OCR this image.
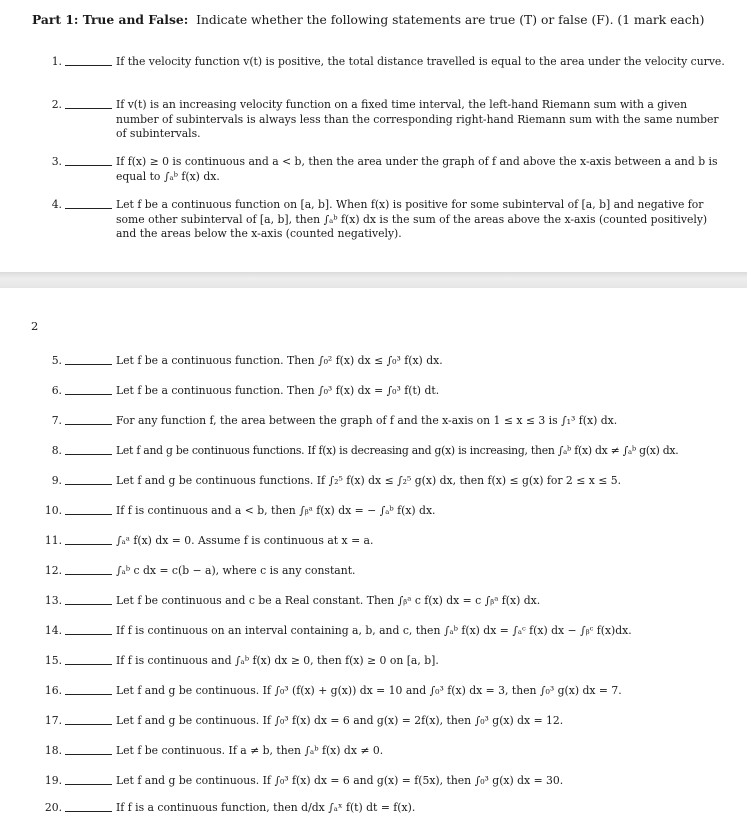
Part 1: True and False: Indicate whether the following statements are true (T) or false (F). (1 mark each)
1.	If the velocity function v(t) is positive, the total distance travelled is equal to the area under the velocity curve.
2.	If v(t) is an increasing velocity function on a fixed time interval, the left-hand Riemann sum with a given number of subintervals is always less than the corresponding right-hand Riemann sum with the same number of subintervals.
3.	If f(x) ≥ 0 is continuous and a < b, then the area under the graph of f and above the x-axis between a and b is equal to ∫ₐᵇ f(x) dx.
4.	Let f be a continuous function on [a, b]. When f(x) is positive for some subinterval of [a, b] and negative for some other subinterval of [a, b], then ∫ₐᵇ f(x) dx is the sum of the areas above the x-axis (counted positively) and the areas below the x-axis (counted negatively).
2
5.	Let f be a continuous function. Then ∫₀² f(x) dx ≤ ∫₀³ f(x) dx.
6.	Let f be a continuous function. Then ∫₀³ f(x) dx = ∫₀³ f(t) dt.
7.	For any function f, the area between the graph of f and the x-axis on 1 ≤ x ≤ 3 is ∫₁³ f(x) dx.
8.	Let f and g be continuous functions. If f(x) is decreasing and g(x) is increasing, then ∫ₐᵇ f(x) dx ≠ ∫ₐᵇ g(x) dx.
9.	Let f and g be continuous functions. If ∫₂⁵ f(x) dx ≤ ∫₂⁵ g(x) dx, then f(x) ≤ g(x) for 2 ≤ x ≤ 5.
10.	If f is continuous and a < b, then ∫ᵦᵃ f(x) dx = − ∫ₐᵇ f(x) dx.
11.	∫ₐᵃ f(x) dx = 0. Assume f is continuous at x = a.
12.	∫ₐᵇ c dx = c(b − a), where c is any constant.
13.	Let f be continuous and c be a Real constant. Then ∫ᵦᵃ c f(x) dx = c ∫ᵦᵃ f(x) dx.
14.	If f is continuous on an interval containing a, b, and c, then ∫ₐᵇ f(x) dx = ∫ₐᶜ f(x) dx − ∫ᵦᶜ f(x)dx.
15.	If f is continuous and ∫ₐᵇ f(x) dx ≥ 0, then f(x) ≥ 0 on [a, b].
16.	Let f and g be continuous. If ∫₀³ (f(x) + g(x)) dx = 10 and ∫₀³ f(x) dx = 3, then ∫₀³ g(x) dx = 7.
17.	Let f and g be continuous. If ∫₀³ f(x) dx = 6 and g(x) = 2f(x), then ∫₀³ g(x) dx = 12.
18.	Let f be continuous. If a ≠ b, then ∫ₐᵇ f(x) dx ≠ 0.
19.	Let f and g be continuous. If ∫₀³ f(x) dx = 6 and g(x) = f(5x), then ∫₀³ g(x) dx = 30.
20.	If f is a continuous function, then d/dx ∫ₐˣ f(t) dt = f(x).
